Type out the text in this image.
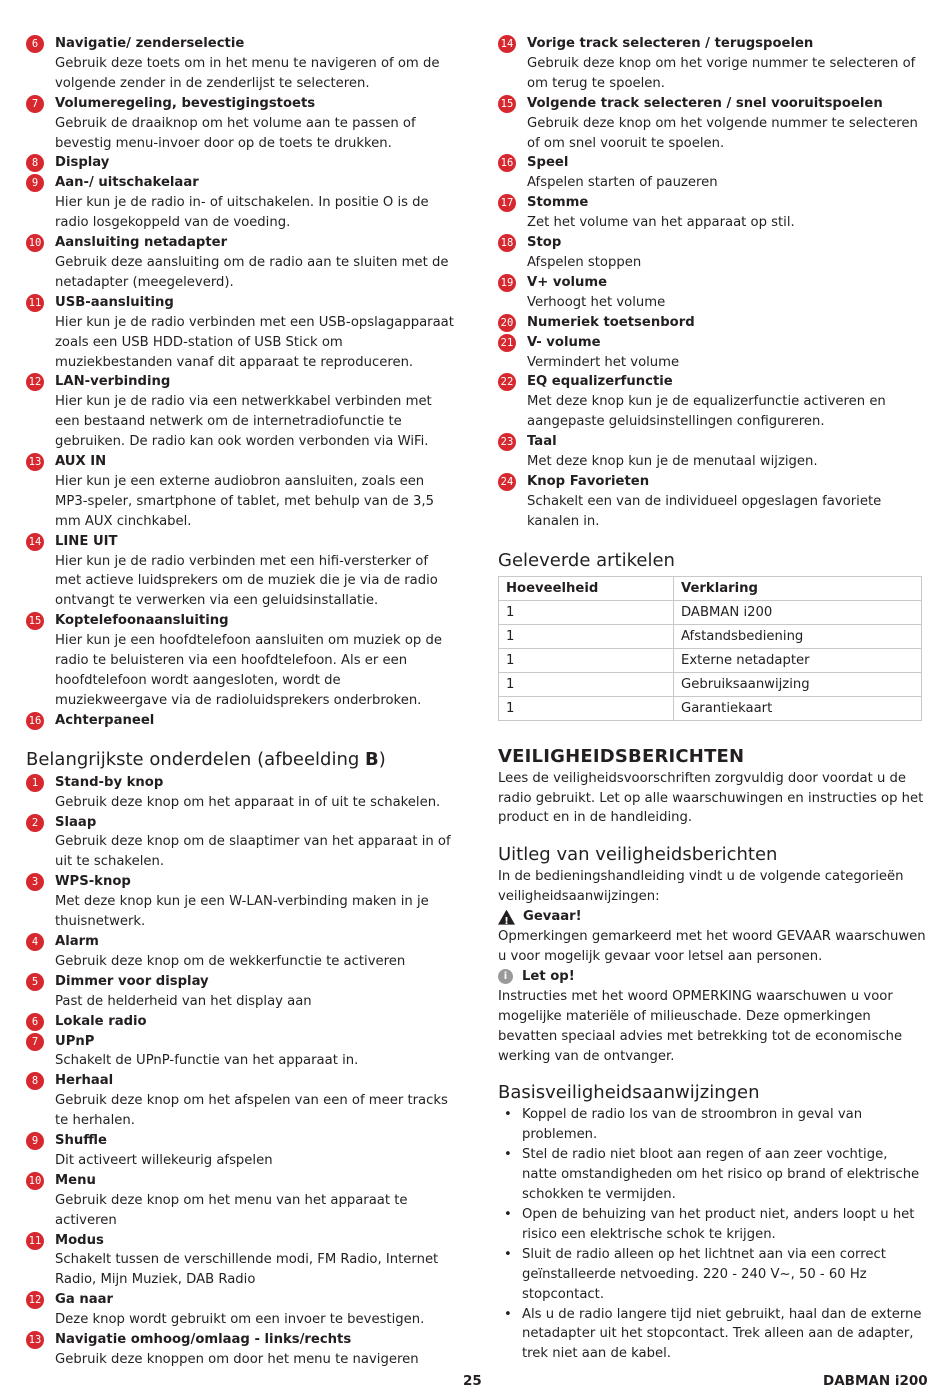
6	Navigatie/ zenderselectie
Gebruik deze toets om in het menu te navigeren of om de volgende zender in de zenderlijst te selecteren.
7	Volumeregeling, bevestigingstoets
Gebruik de draaiknop om het volume aan te passen of bevestig menu-invoer door op de toets te drukken.
8	Display
9	Aan-/ uitschakelaar
Hier kun je de radio in- of uitschakelen. In positie O is de radio losgekoppeld van de voeding.
10 Aansluiting netadapter
Gebruik deze aansluiting om de radio aan te sluiten met de netadapter (meegeleverd).
11 USB-aansluiting
Hier kun je de radio verbinden met een USB-opslagapparaat zoals een USB HDD-station of USB Stick om muziekbestanden vanaf dit apparaat te reproduceren.
12 LAN-verbinding
Hier kun je de radio via een netwerkkabel verbinden met een bestaand netwerk om de internetradiofunctie te gebruiken. De radio kan ook worden verbonden via WiFi.
13 AUX IN
Hier kun je een externe audiobron aansluiten, zoals een MP3-speler, smartphone of tablet, met behulp van de 3,5 mm AUX cinchkabel.
14 LINE UIT
Hier kun je de radio verbinden met een hifi-versterker of met actieve luidsprekers om de muziek die je via de radio ontvangt te verwerken via een geluidsinstallatie.
15 Koptelefoonaansluiting
Hier kun je een hoofdtelefoon aansluiten om muziek op de radio te beluisteren via een hoofdtelefoon. Als er een hoofdtelefoon wordt aangesloten, wordt de muziekweergave via de radioluidsprekers onderbroken.
16 Achterpaneel
Belangrijkste onderdelen (afbeelding B)
1	Stand-by knop
Gebruik deze knop om het apparaat in of uit te schakelen.
2	Slaap
Gebruik deze knop om de slaaptimer van het apparaat in of uit te schakelen.
3	WPS-knop
Met deze knop kun je een W-LAN-verbinding maken in je thuisnetwerk.
4	Alarm
Gebruik deze knop om de wekkerfunctie te activeren
5	Dimmer voor display
Past de helderheid van het display aan
6	Lokale radio
7	UPnP
Schakelt de UPnP-functie van het apparaat in.
8	Herhaal
Gebruik deze knop om het afspelen van een of meer tracks te herhalen.
9	Shuffle
Dit activeert willekeurig afspelen
10 Menu
Gebruik deze knop om het menu van het apparaat te activeren
11 Modus
Schakelt tussen de verschillende modi, FM Radio, Internet Radio, Mijn Muziek, DAB Radio
12 Ga naar
Deze knop wordt gebruikt om een invoer te bevestigen.
13 Navigatie omhoog/omlaag - links/rechts
Gebruik deze knoppen om door het menu te navigeren
14 Vorige track selecteren / terugspoelen
Gebruik deze knop om het vorige nummer te selecteren of om terug te spoelen.
15 Volgende track selecteren / snel vooruitspoelen
Gebruik deze knop om het volgende nummer te selecteren of om snel vooruit te spoelen.
16 Speel
Afspelen starten of pauzeren
17 Stomme
Zet het volume van het apparaat op stil.
18 Stop
Afspelen stoppen
19 V+ volume
Verhoogt het volume
20 Numeriek toetsenbord
21 V- volume
Vermindert het volume
22 EQ equalizerfunctie
Met deze knop kun je de equalizerfunctie activeren en aangepaste geluidsinstellingen configureren.
23 Taal
Met deze knop kun je de menutaal wijzigen.
24 Knop Favorieten
Schakelt een van de individueel opgeslagen favoriete kanalen in.
Geleverde artikelen
Hoeveelheid	Verklaring
1	DABMAN i200
1	Afstandsbediening
1	Externe netadapter
1	Gebruiksaanwijzing
1	Garantiekaart
VEILIGHEIDSBERICHTEN

Lees de veiligheidsvoorschriften zorgvuldig door voordat u de radio gebruikt. Let op alle waarschuwingen en instructies op het product en in de handleiding.

Uitleg van veiligheidsberichten

In de bedieningshandleiding vindt u de volgende categorieën veiligheidsaanwijzingen:

!
Gevaar!

Opmerkingen gemarkeerd met het woord GEVAAR waarschuwen u voor mogelijk gevaar voor letsel aan personen.

i	Let op!

Instructies met het woord OPMERKING waarschuwen u voor mogelijke materiële of milieuschade. Deze opmerkingen bevatten speciaal advies met betrekking tot de economische werking van de ontvanger.

Basisveiligheidsaanwijzingen
• Koppel de radio los van de stroombron in geval van problemen.
• Stel de radio niet bloot aan regen of aan zeer vochtige, natte omstandigheden om het risico op brand of elektrische schokken te vermijden.
• Open de behuizing van het product niet, anders loopt u het risico een elektrische schok te krijgen.
• Sluit de radio alleen op het lichtnet aan via een correct geïnstalleerde netvoeding. 220 - 240 V~, 50 - 60 Hz stopcontact.
• Als u de radio langere tijd niet gebruikt, haal dan de externe netadapter uit het stopcontact. Trek alleen aan de adapter, trek niet aan de kabel.
25	DABMAN i200
